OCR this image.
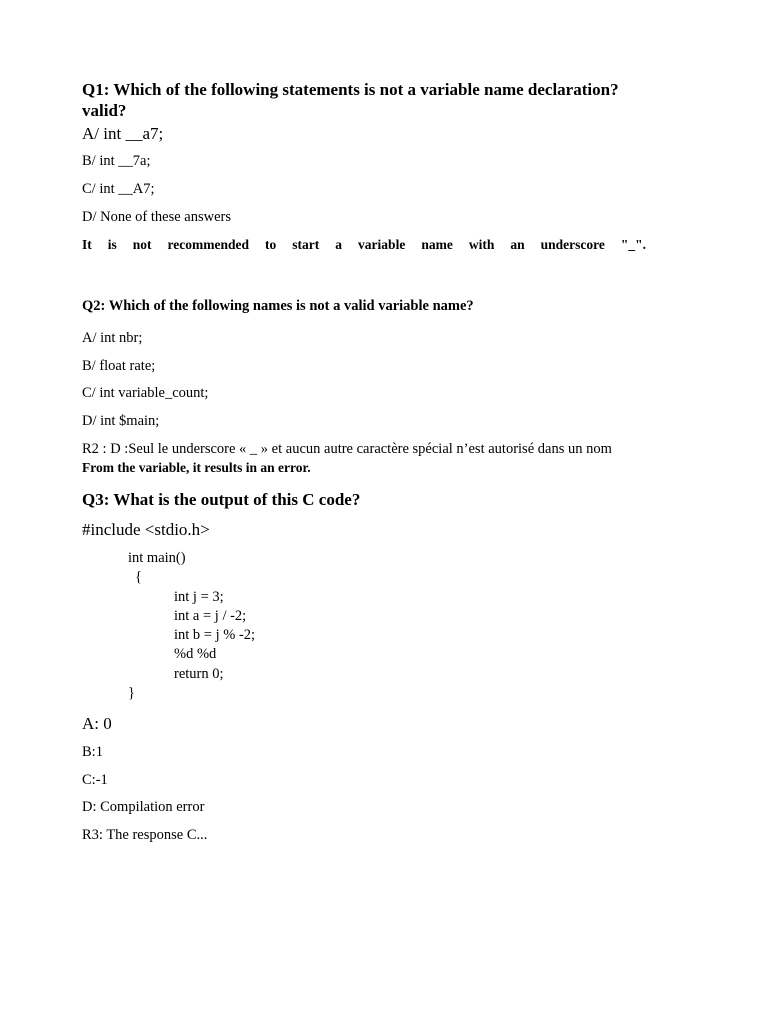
Q1: Which of the following statements is not a variable name declaration?
valid?
A/ int __a7;
B/ int __7a;
C/ int __A7;
D/ None of these answers
It is not recommended to start a variable name with an underscore "_".
Q2: Which of the following names is not a valid variable name?
A/ int nbr;
B/ float rate;
C/ int variable_count;
D/ int $main;
R2 : D :Seul le underscore « _ » et aucun autre caractère spécial n’est autorisé dans un nom
From the variable, it results in an error.
Q3: What is the output of this C code?
#include <stdio.h>
int main()
{
int j = 3;
int a = j / -2;
int b = j % -2;
%d %d
return 0;
}
A: 0
B:1
C:-1
D: Compilation error
R3: The response C...
